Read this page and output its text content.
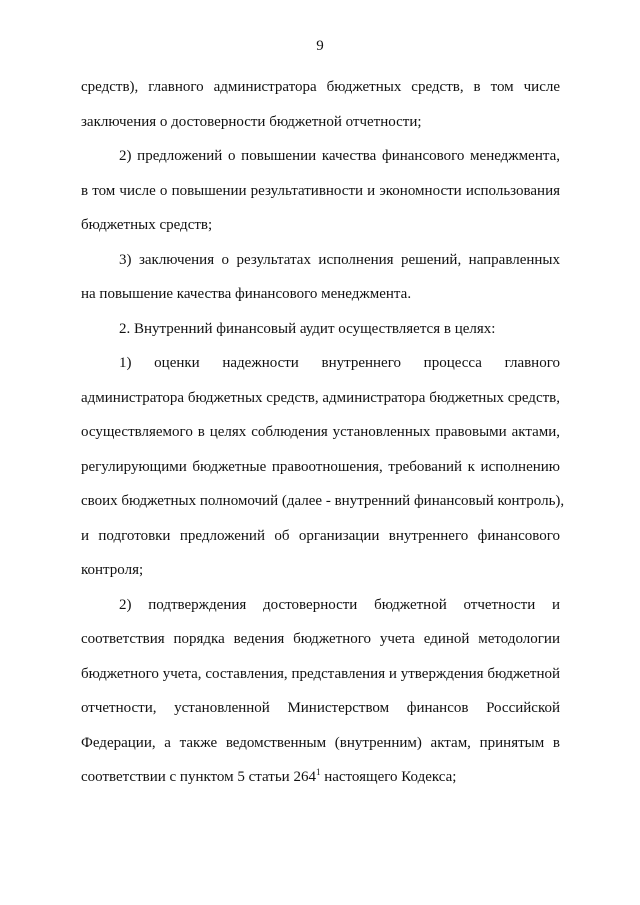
9
средств), главного администратора бюджетных средств, в том числе
заключения о достоверности бюджетной отчетности;
2) предложений о повышении качества финансового менеджмента,
в том числе о повышении результативности и экономности использования
бюджетных средств;
3) заключения о результатах исполнения решений, направленных
на повышение качества финансового менеджмента.
2. Внутренний финансовый аудит осуществляется в целях:
1) оценки надежности внутреннего процесса главного
администратора бюджетных средств, администратора бюджетных средств,
осуществляемого в целях соблюдения установленных правовыми актами,
регулирующими бюджетные правоотношения, требований к исполнению
своих бюджетных полномочий (далее - внутренний финансовый контроль),
и подготовки предложений об организации внутреннего финансового
контроля;
2) подтверждения достоверности бюджетной отчетности и
соответствия порядка ведения бюджетного учета единой методологии
бюджетного учета, составления, представления и утверждения бюджетной
отчетности, установленной Министерством финансов Российской
Федерации, а также ведомственным (внутренним) актам, принятым в
соответствии с пунктом 5 статьи $264^1$ настоящего Кодекса;
